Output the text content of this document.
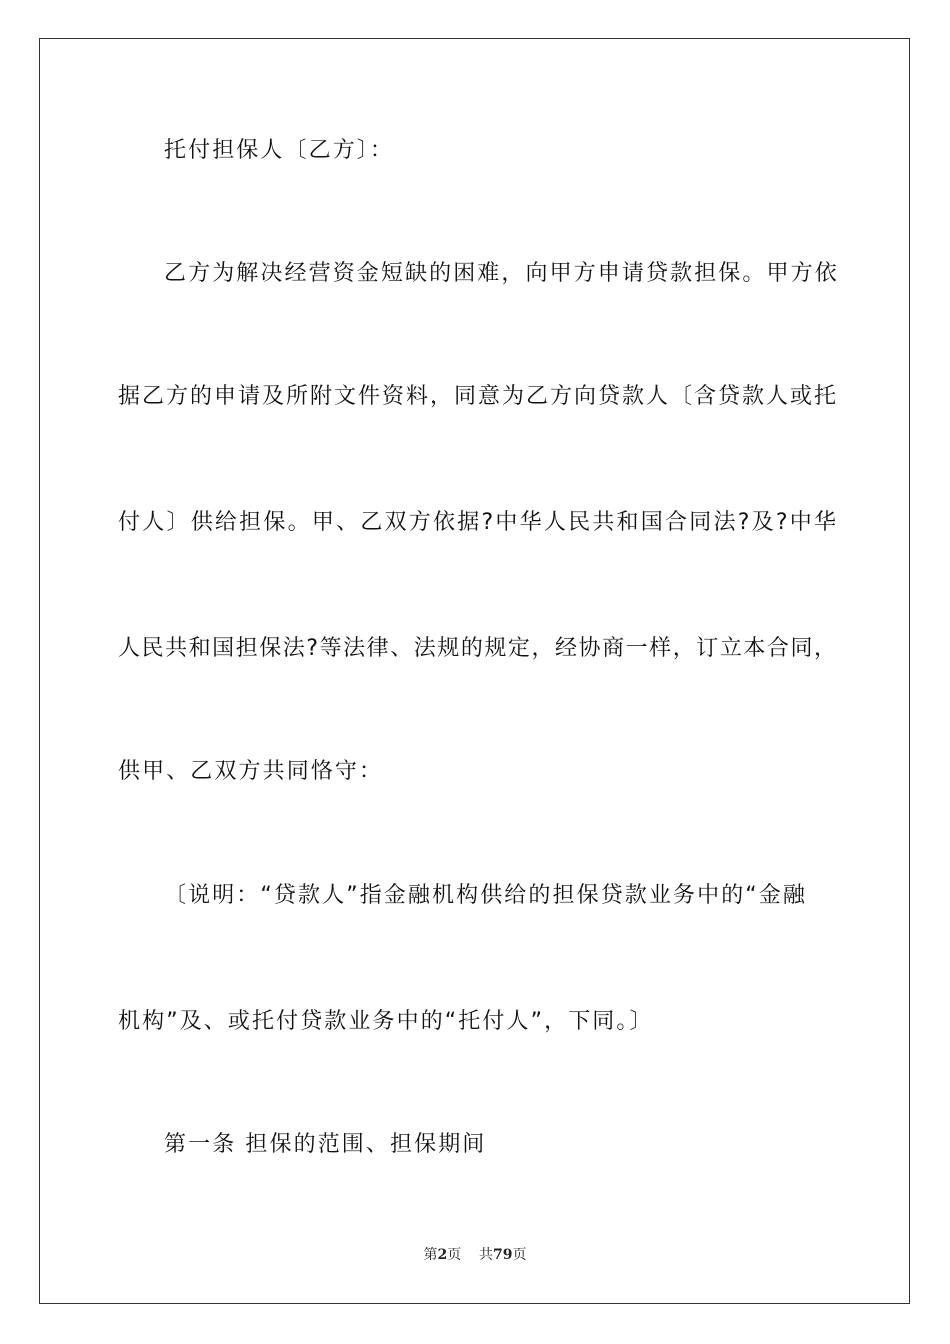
托付担保人〔乙方〕：
乙方为解决经营资金短缺的困难，向甲方申请贷款担保。甲方依
据乙方的申请及所附文件资料，同意为乙方向贷款人〔含贷款人或托
付人〕供给担保。甲、乙双方依据?中华人民共和国合同法?及?中华
人民共和国担保法?等法律、法规的规定，经协商一样，订立本合同，
供甲、乙双方共同恪守：
〔说明：“贷款人”指金融机构供给的担保贷款业务中的“金融
机构”及、或托付贷款业务中的“托付人”，下同。〕
第一条 担保的范围、担保期间
第2页 共79页
